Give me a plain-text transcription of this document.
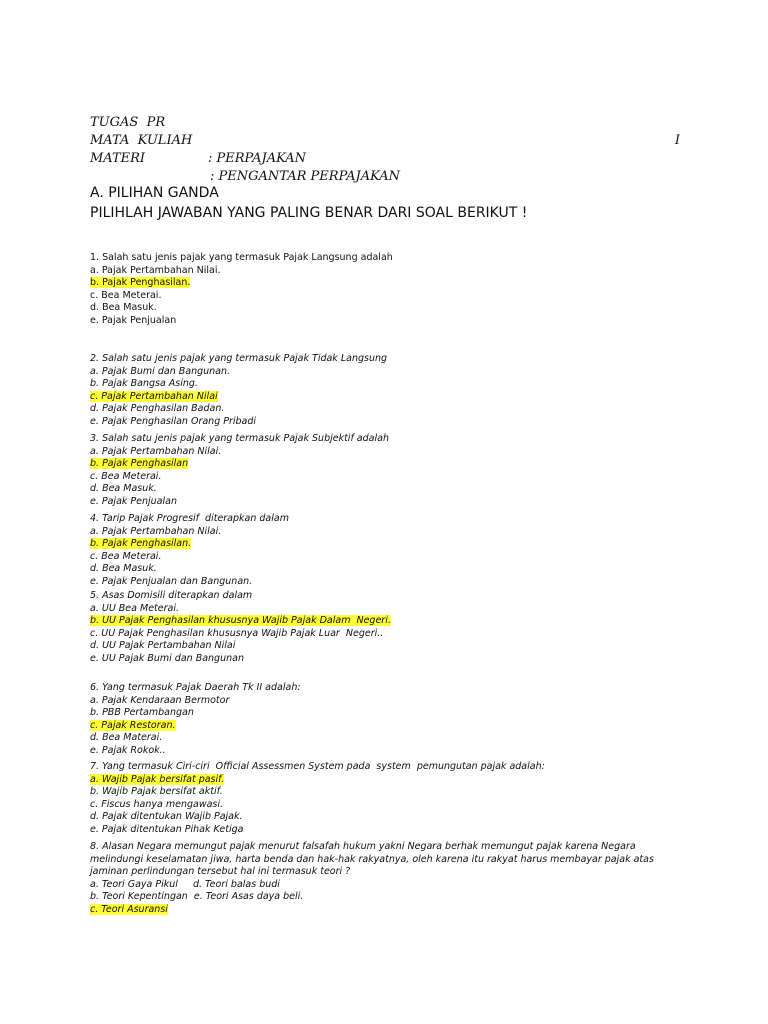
TUGAS  PR

I

MATA  KULIAH

: PERPAJAKAN

MATERI

: PENGANTAR PERPAJAKAN

A. PILIHAN GANDA
PILIHLAH JAWABAN YANG PALING BENAR DARI SOAL BERIKUT !
1. Salah satu jenis pajak yang termasuk Pajak Langsung adalah
a. Pajak Pertambahan Nilai.
b. Pajak Penghasilan.
c. Bea Meterai.
d. Bea Masuk.
e. Pajak Penjualan
2. Salah satu jenis pajak yang termasuk Pajak Tidak Langsung
a. Pajak Bumi dan Bangunan.
b. Pajak Bangsa Asing.
c. Pajak Pertambahan Nilai
d. Pajak Penghasilan Badan.
e. Pajak Penghasilan Orang Pribadi
3. Salah satu jenis pajak yang termasuk Pajak Subjektif adalah
a. Pajak Pertambahan Nilai.
b. Pajak Penghasilan
c. Bea Meterai.
d. Bea Masuk.
e. Pajak Penjualan
4. Tarip Pajak Progresif  diterapkan dalam
a. Pajak Pertambahan Nilai.
b. Pajak Penghasilan.
c. Bea Meterai.
d. Bea Masuk.
e. Pajak Penjualan dan Bangunan.
5. Asas Domisili diterapkan dalam
a. UU Bea Meterai.
b. UU Pajak Penghasilan khususnya Wajib Pajak Dalam  Negeri.
c. UU Pajak Penghasilan khususnya Wajib Pajak Luar  Negeri..
d. UU Pajak Pertambahan Nilai
e. UU Pajak Bumi dan Bangunan
6. Yang termasuk Pajak Daerah Tk II adalah:
a. Pajak Kendaraan Bermotor
b. PBB Pertambangan
c. Pajak Restoran.
d. Bea Materai.
e. Pajak Rokok..
7. Yang termasuk Ciri-ciri  Official Assessmen System pada  system  pemungutan pajak adalah:
a. Wajib Pajak bersifat pasif.
b. Wajib Pajak bersifat aktif.
c. Fiscus hanya mengawasi.
d. Pajak ditentukan Wajib Pajak.
e. Pajak ditentukan Pihak Ketiga
8. Alasan Negara memungut pajak menurut falsafah hukum yakni Negara berhak memungut pajak karena Negara melindungi keselamatan jiwa, harta benda dan hak-hak rakyatnya, oleh karena itu rakyat harus membayar pajak atas jaminan perlindungan tersebut hal ini termasuk teori ?
a. Teori Gaya Pikul     d. Teori balas budi
b. Teori Kepentingan  e. Teori Asas daya beli.
c. Teori Asuransi
